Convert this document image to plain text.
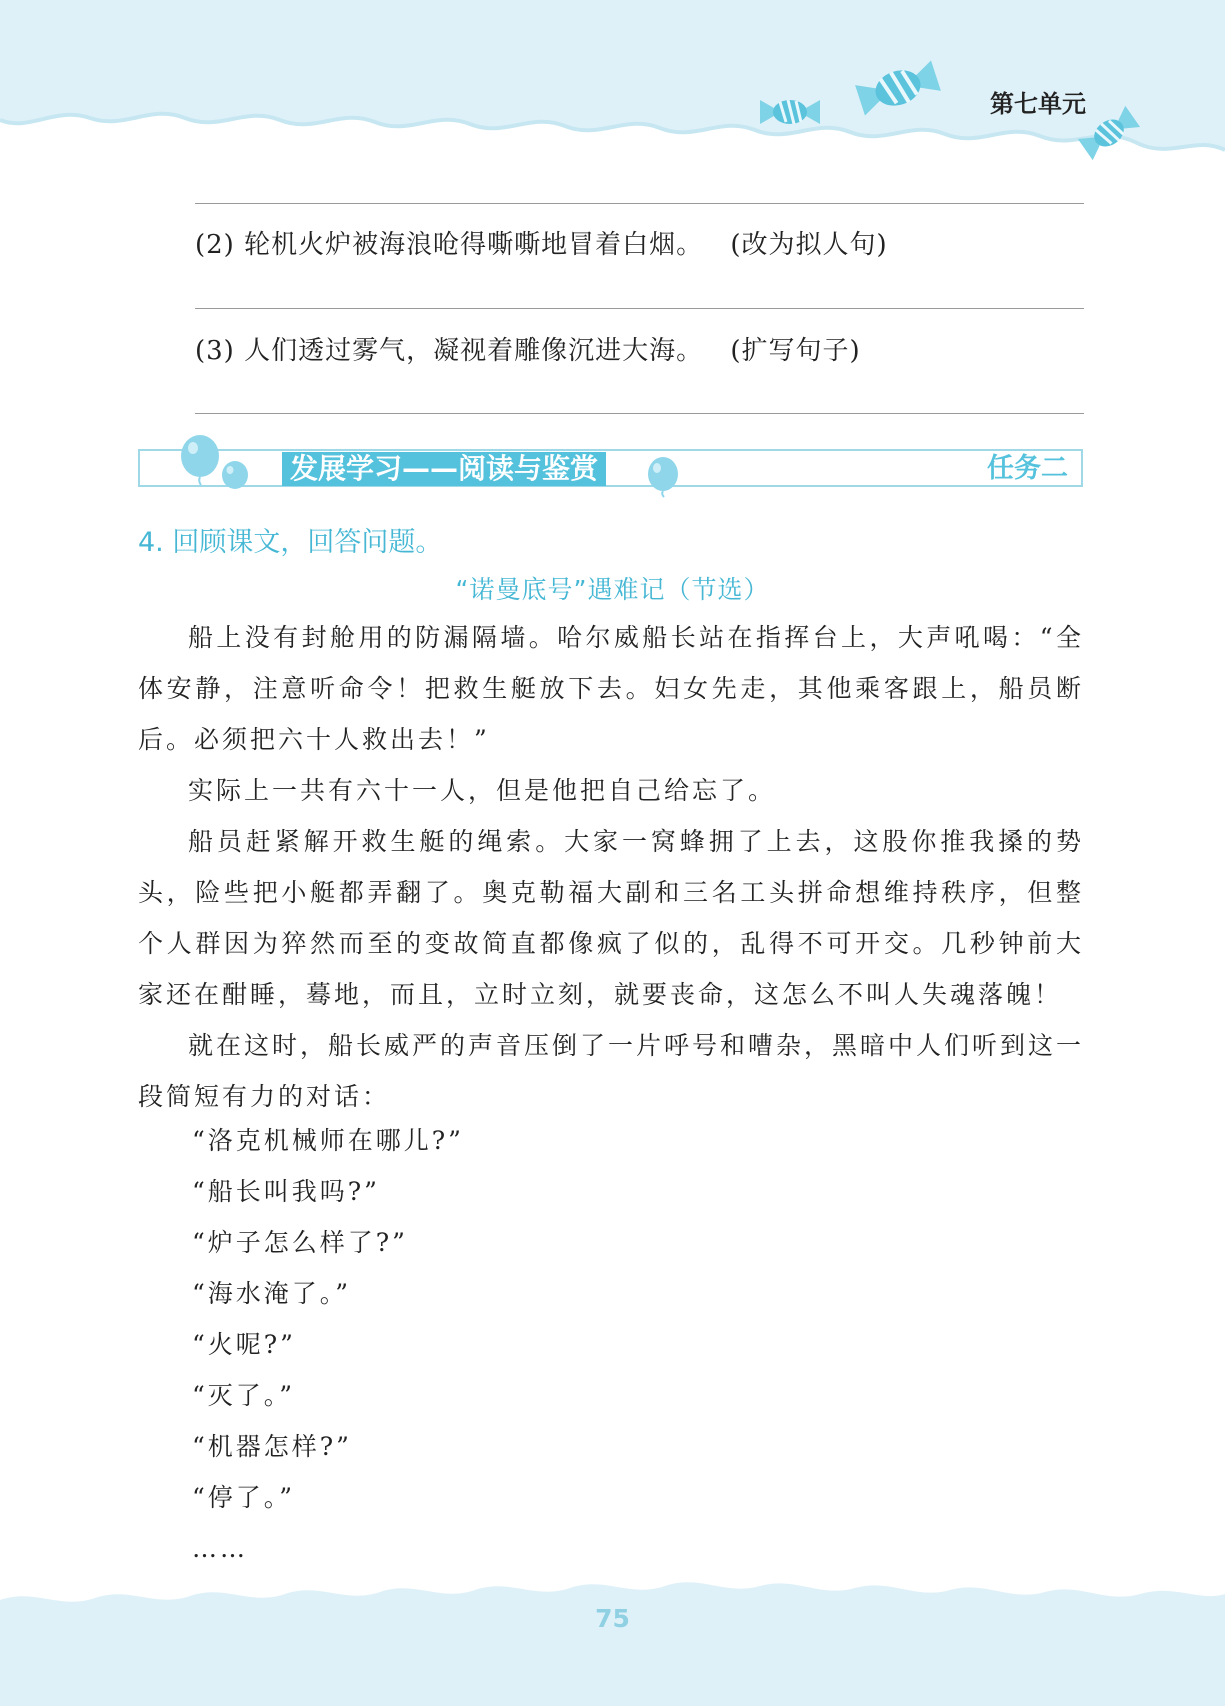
第七单元
(2) 轮机火炉被海浪呛得嘶嘶地冒着白烟。 (改为拟人句)
(3) 人们透过雾气，凝视着雕像沉进大海。 (扩写句子)
发展学习——阅读与鉴赏	任务二
4. 回顾课文，回答问题。
“诺曼底号”遇难记（节选）

船上没有封舱用的防漏隔墙。哈尔威船长站在指挥台上，大声吼喝：“全体安静，注意听命令！把救生艇放下去。妇女先走，其他乘客跟上，船员断后。必须把六十人救出去！”

实际上一共有六十一人，但是他把自己给忘了。

船员赶紧解开救生艇的绳索。大家一窝蜂拥了上去，这股你推我搡的势头，险些把小艇都弄翻了。奥克勒福大副和三名工头拼命想维持秩序，但整个人群因为猝然而至的变故简直都像疯了似的，乱得不可开交。几秒钟前大家还在酣睡，蓦地，而且，立时立刻，就要丧命，这怎么不叫人失魂落魄！

就在这时，船长威严的声音压倒了一片呼号和嘈杂，黑暗中人们听到这一段简短有力的对话：

“洛克机械师在哪儿?”
“船长叫我吗?”
“炉子怎么样了?”
“海水淹了。”
“火呢?”
“灭了。”
“机器怎样?”
“停了。”
……
75
